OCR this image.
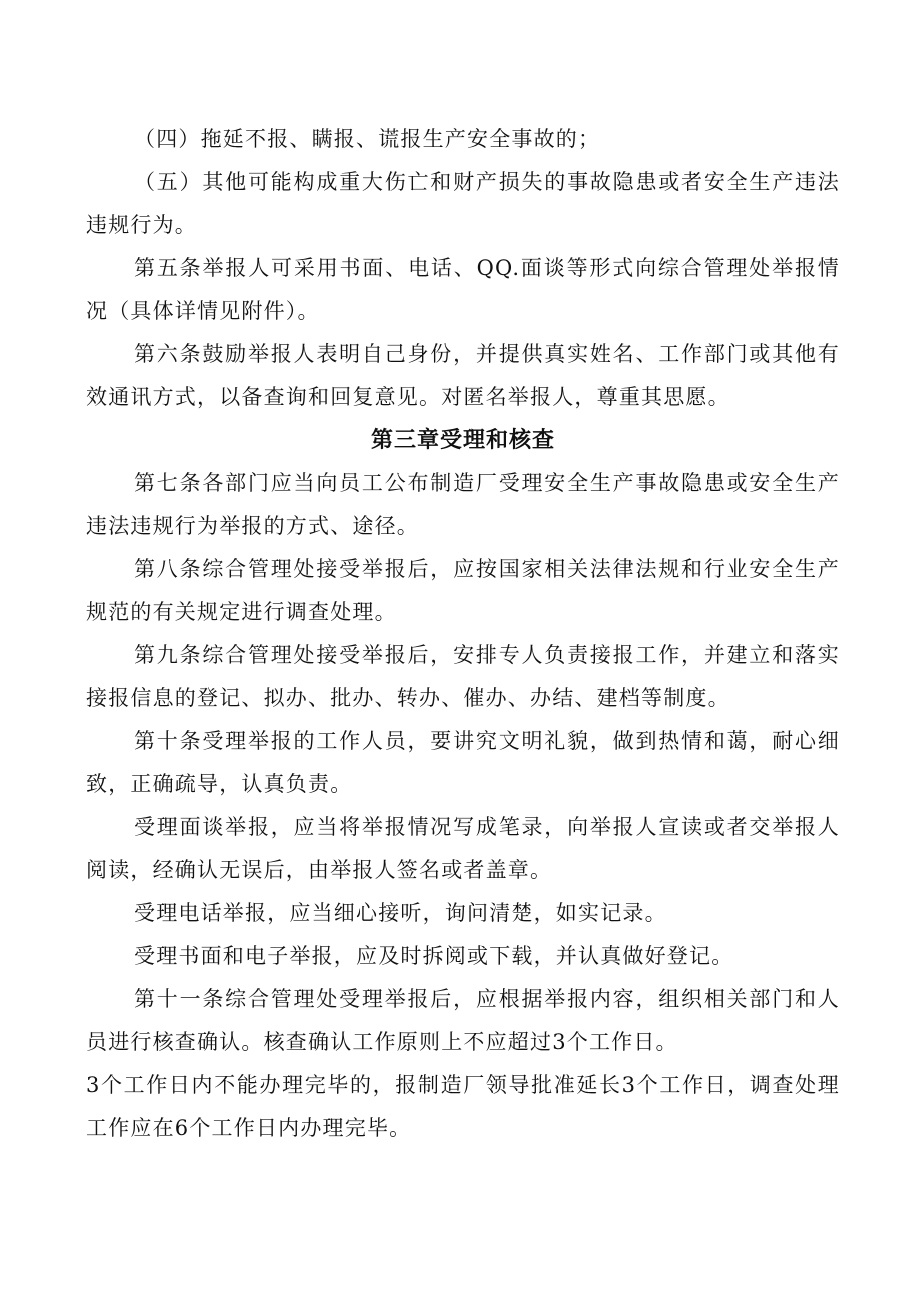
（四）拖延不报、瞒报、谎报生产安全事故的；

（五）其他可能构成重大伤亡和财产损失的事故隐患或者安全生产违法违规行为。

第五条举报人可采用书面、电话、QQ.面谈等形式向综合管理处举报情况（具体详情见附件）。

第六条鼓励举报人表明自己身份，并提供真实姓名、工作部门或其他有效通讯方式，以备查询和回复意见。对匿名举报人，尊重其思愿。

第三章受理和核查

第七条各部门应当向员工公布制造厂受理安全生产事故隐患或安全生产违法违规行为举报的方式、途径。

第八条综合管理处接受举报后，应按国家相关法律法规和行业安全生产规范的有关规定进行调查处理。

第九条综合管理处接受举报后，安排专人负责接报工作，并建立和落实接报信息的登记、拟办、批办、转办、催办、办结、建档等制度。

第十条受理举报的工作人员，要讲究文明礼貌，做到热情和蔼，耐心细致，正确疏导，认真负责。

受理面谈举报，应当将举报情况写成笔录，向举报人宣读或者交举报人阅读，经确认无误后，由举报人签名或者盖章。

受理电话举报，应当细心接听，询问清楚，如实记录。

受理书面和电子举报，应及时拆阅或下载，并认真做好登记。

第十一条综合管理处受理举报后，应根据举报内容，组织相关部门和人员进行核查确认。核查确认工作原则上不应超过3个工作日。

3个工作日内不能办理完毕的，报制造厂领导批准延长3个工作日，调查处理工作应在6个工作日内办理完毕。
